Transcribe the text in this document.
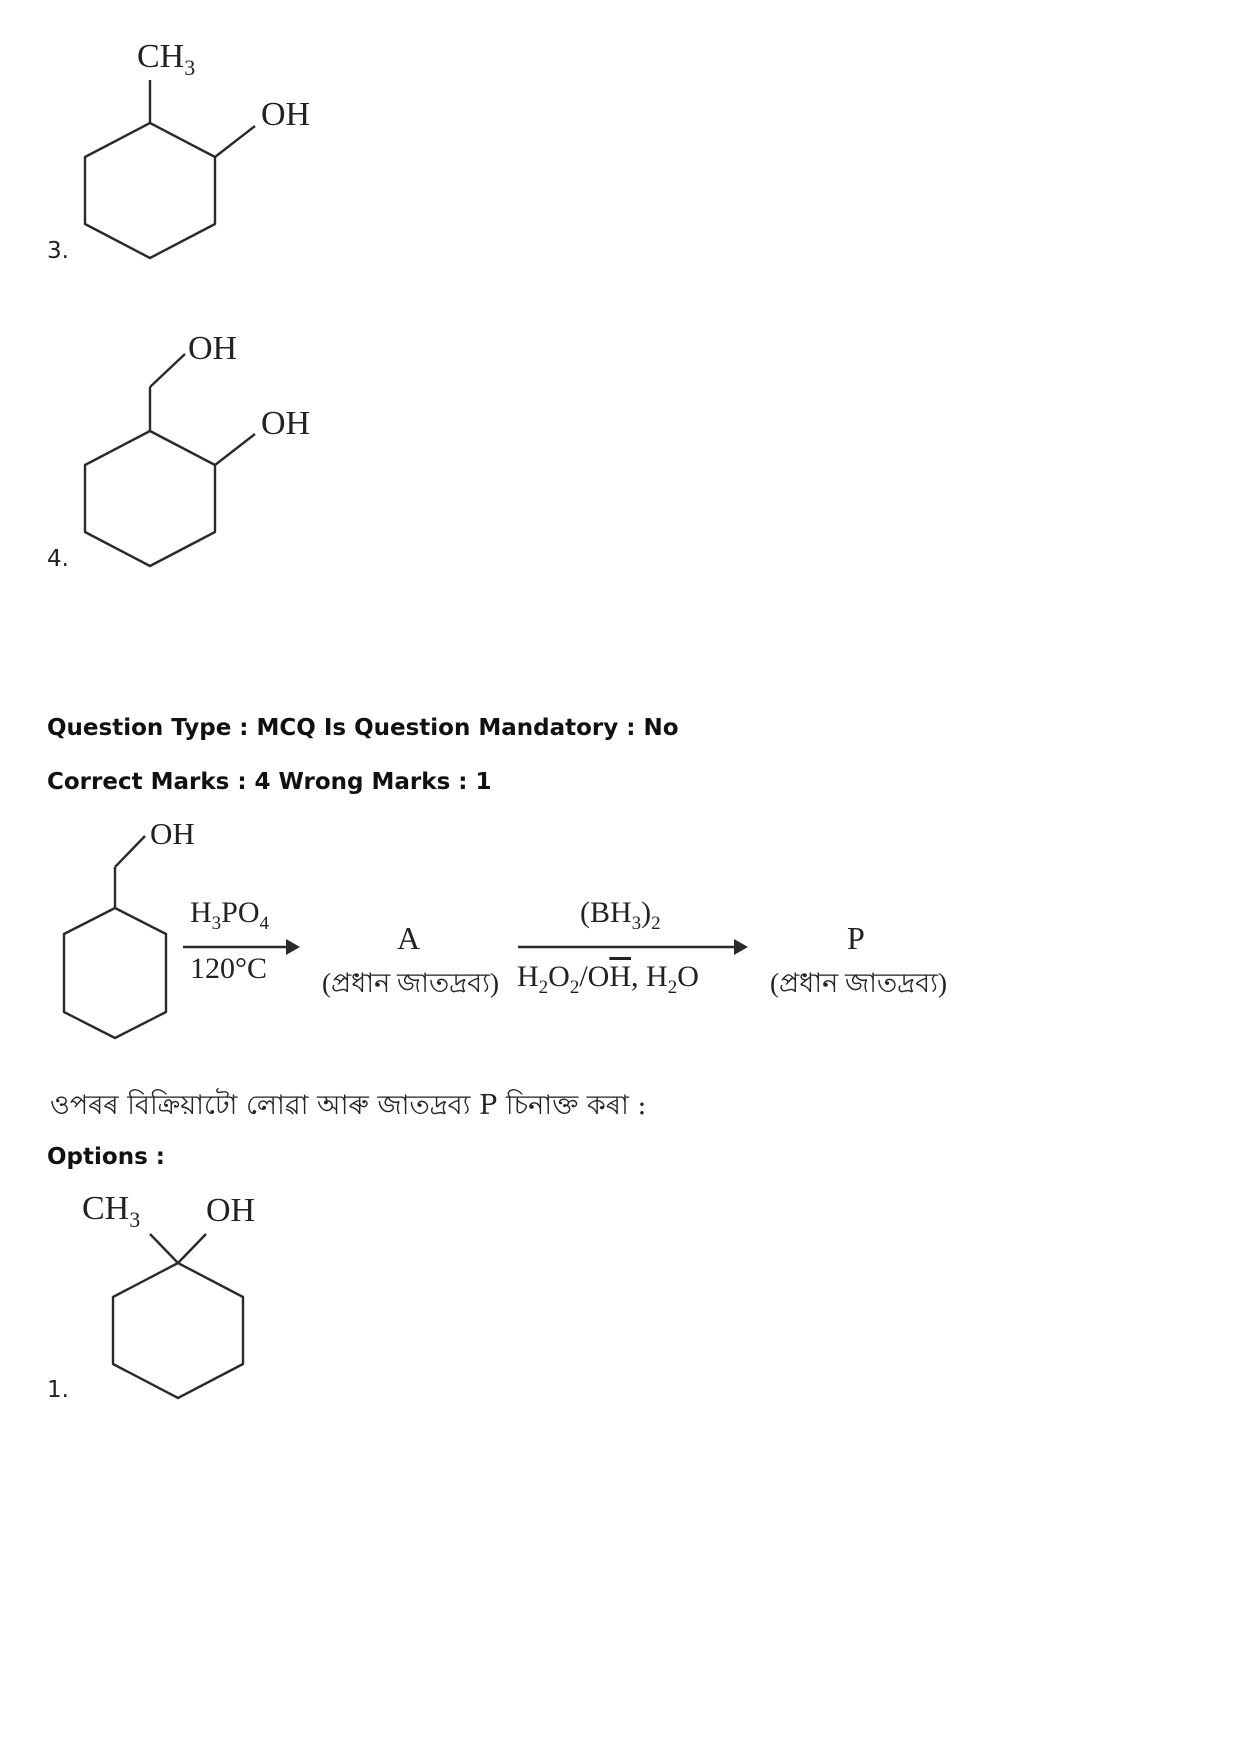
$CH_3$
OH
3.
OH
OH
4.
Question Type : MCQ Is Question Mandatory : No
Correct Marks : 4 Wrong Marks : 1
OH
$H_3PO_4$
120°C
A
(প্ৰধান জাতদ্ৰব্য)
$(BH_3)_2$
$H_2O_2/O\overline{H}$, $H_2O$
P
(প্ৰধান জাতদ্ৰব্য)
ওপৰৰ বিক্ৰিয়াটো লোৱা আৰু জাতদ্ৰব্য P চিনাক্ত কৰা :
Options :
$CH_3$ OH
1.
